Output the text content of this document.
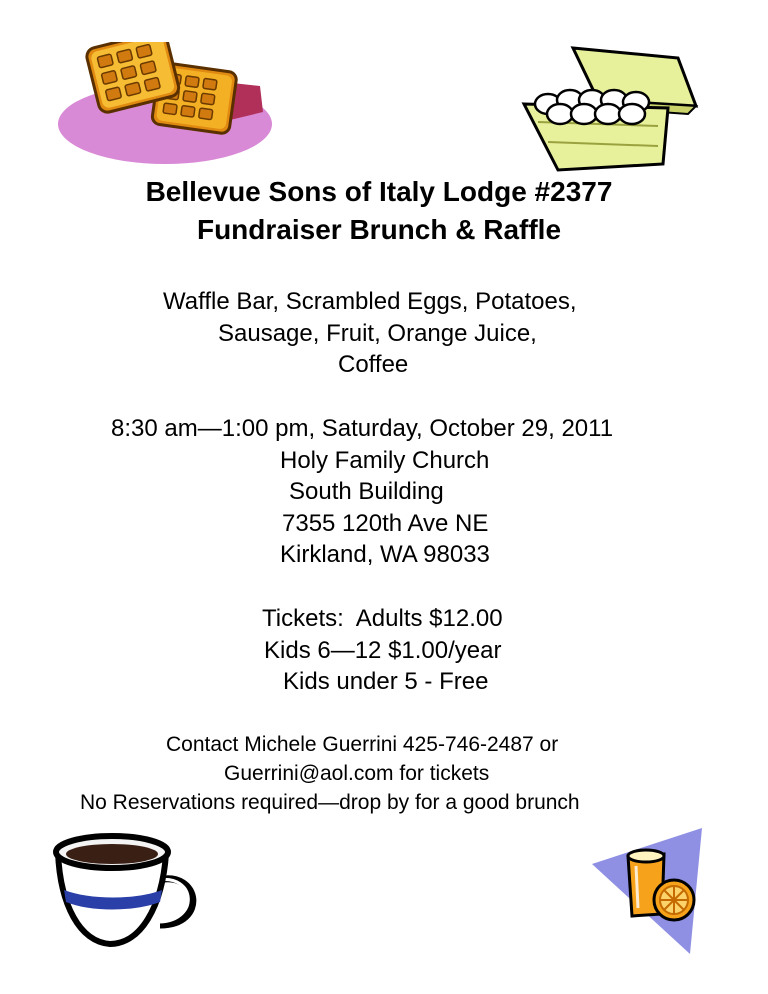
Bellevue Sons of Italy Lodge #2377
Fundraiser Brunch & Raffle
Waffle Bar, Scrambled Eggs, Potatoes,
Sausage, Fruit, Orange Juice,
Coffee
8:30 am—1:00 pm, Saturday, October 29, 2011
Holy Family Church
South Building
7355 120th Ave NE
Kirkland, WA 98033
Tickets:  Adults $12.00
Kids 6—12 $1.00/year
Kids under 5 - Free
Contact Michele Guerrini 425-746-2487 or
Guerrini@aol.com for tickets
No Reservations required—drop by for a good brunch
